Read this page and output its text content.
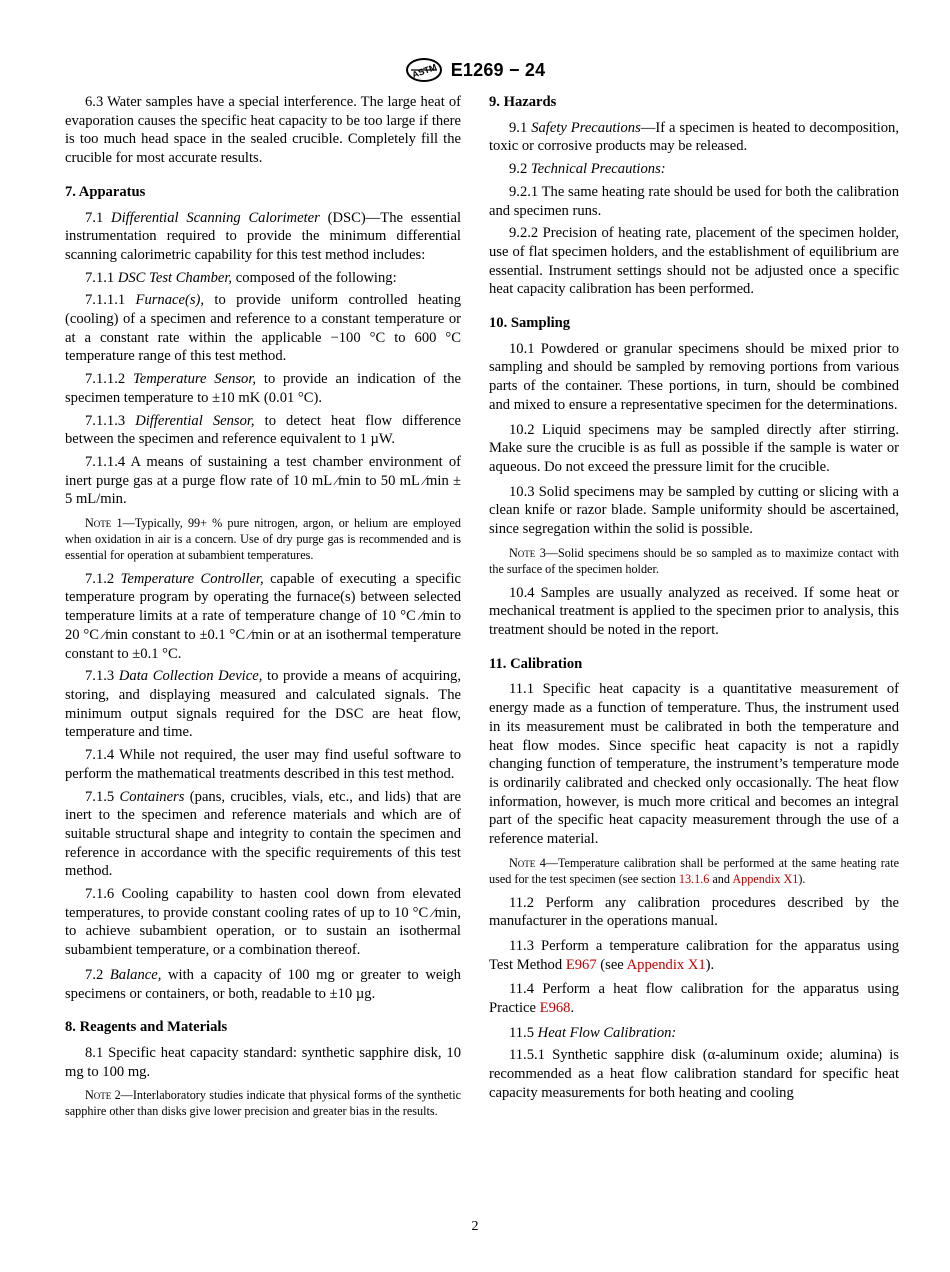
ASTM E1269 − 24

6.3 Water samples have a special interference. The large heat of evaporation causes the specific heat capacity to be too large if there is too much head space in the sealed crucible. Completely fill the crucible for most accurate results.

7. Apparatus

7.1 Differential Scanning Calorimeter (DSC)—The essential instrumentation required to provide the minimum differential scanning calorimetric capability for this test method includes:

7.1.1 DSC Test Chamber, composed of the following:

7.1.1.1 Furnace(s), to provide uniform controlled heating (cooling) of a specimen and reference to a constant temperature or at a constant rate within the applicable −100 °C to 600 °C temperature range of this test method.

7.1.1.2 Temperature Sensor, to provide an indication of the specimen temperature to ±10 mK (0.01 °C).

7.1.1.3 Differential Sensor, to detect heat flow difference between the specimen and reference equivalent to 1 µW.

7.1.1.4 A means of sustaining a test chamber environment of inert purge gas at a purge flow rate of 10 mL ⁄min to 50 mL ⁄min ± 5 mL/min.

Note 1—Typically, 99+ % pure nitrogen, argon, or helium are employed when oxidation in air is a concern. Use of dry purge gas is recommended and is essential for operation at subambient temperatures.

7.1.2 Temperature Controller, capable of executing a specific temperature program by operating the furnace(s) between selected temperature limits at a rate of temperature change of 10 °C ⁄min to 20 °C ⁄min constant to ±0.1 °C ⁄min or at an isothermal temperature constant to ±0.1 °C.

7.1.3 Data Collection Device, to provide a means of acquiring, storing, and displaying measured and calculated signals. The minimum output signals required for the DSC are heat flow, temperature and time.

7.1.4 While not required, the user may find useful software to perform the mathematical treatments described in this test method.

7.1.5 Containers (pans, crucibles, vials, etc., and lids) that are inert to the specimen and reference materials and which are of suitable structural shape and integrity to contain the specimen and reference in accordance with the specific requirements of this test method.

7.1.6 Cooling capability to hasten cool down from elevated temperatures, to provide constant cooling rates of up to 10 °C ⁄min, to achieve subambient operation, or to sustain an isothermal subambient temperature, or a combination thereof.

7.2 Balance, with a capacity of 100 mg or greater to weigh specimens or containers, or both, readable to ±10 µg.

8. Reagents and Materials

8.1 Specific heat capacity standard: synthetic sapphire disk, 10 mg to 100 mg.

Note 2—Interlaboratory studies indicate that physical forms of the synthetic sapphire other than disks give lower precision and greater bias in the results.

9. Hazards

9.1 Safety Precautions—If a specimen is heated to decomposition, toxic or corrosive products may be released.

9.2 Technical Precautions:

9.2.1 The same heating rate should be used for both the calibration and specimen runs.

9.2.2 Precision of heating rate, placement of the specimen holder, use of flat specimen holders, and the establishment of equilibrium are essential. Instrument settings should not be adjusted once a specific heat capacity calibration has been performed.

10. Sampling

10.1 Powdered or granular specimens should be mixed prior to sampling and should be sampled by removing portions from various parts of the container. These portions, in turn, should be combined and mixed to ensure a representative specimen for the determinations.

10.2 Liquid specimens may be sampled directly after stirring. Make sure the crucible is as full as possible if the sample is water or aqueous. Do not exceed the pressure limit for the crucible.

10.3 Solid specimens may be sampled by cutting or slicing with a clean knife or razor blade. Sample uniformity should be ascertained, since segregation within the solid is possible.

Note 3—Solid specimens should be so sampled as to maximize contact with the surface of the specimen holder.

10.4 Samples are usually analyzed as received. If some heat or mechanical treatment is applied to the specimen prior to analysis, this treatment should be noted in the report.

11. Calibration

11.1 Specific heat capacity is a quantitative measurement of energy made as a function of temperature. Thus, the instrument used in its measurement must be calibrated in both the temperature and heat flow modes. Since specific heat capacity is not a rapidly changing function of temperature, the instrument’s temperature mode is ordinarily calibrated and checked only occasionally. The heat flow information, however, is much more critical and becomes an integral part of the specific heat capacity measurement through the use of a reference material.

Note 4—Temperature calibration shall be performed at the same heating rate used for the test specimen (see section 13.1.6 and Appendix X1).

11.2 Perform any calibration procedures described by the manufacturer in the operations manual.

11.3 Perform a temperature calibration for the apparatus using Test Method E967 (see Appendix X1).

11.4 Perform a heat flow calibration for the apparatus using Practice E968.

11.5 Heat Flow Calibration:

11.5.1 Synthetic sapphire disk (α-aluminum oxide; alumina) is recommended as a heat flow calibration standard for specific heat capacity measurements for both heating and cooling

2
